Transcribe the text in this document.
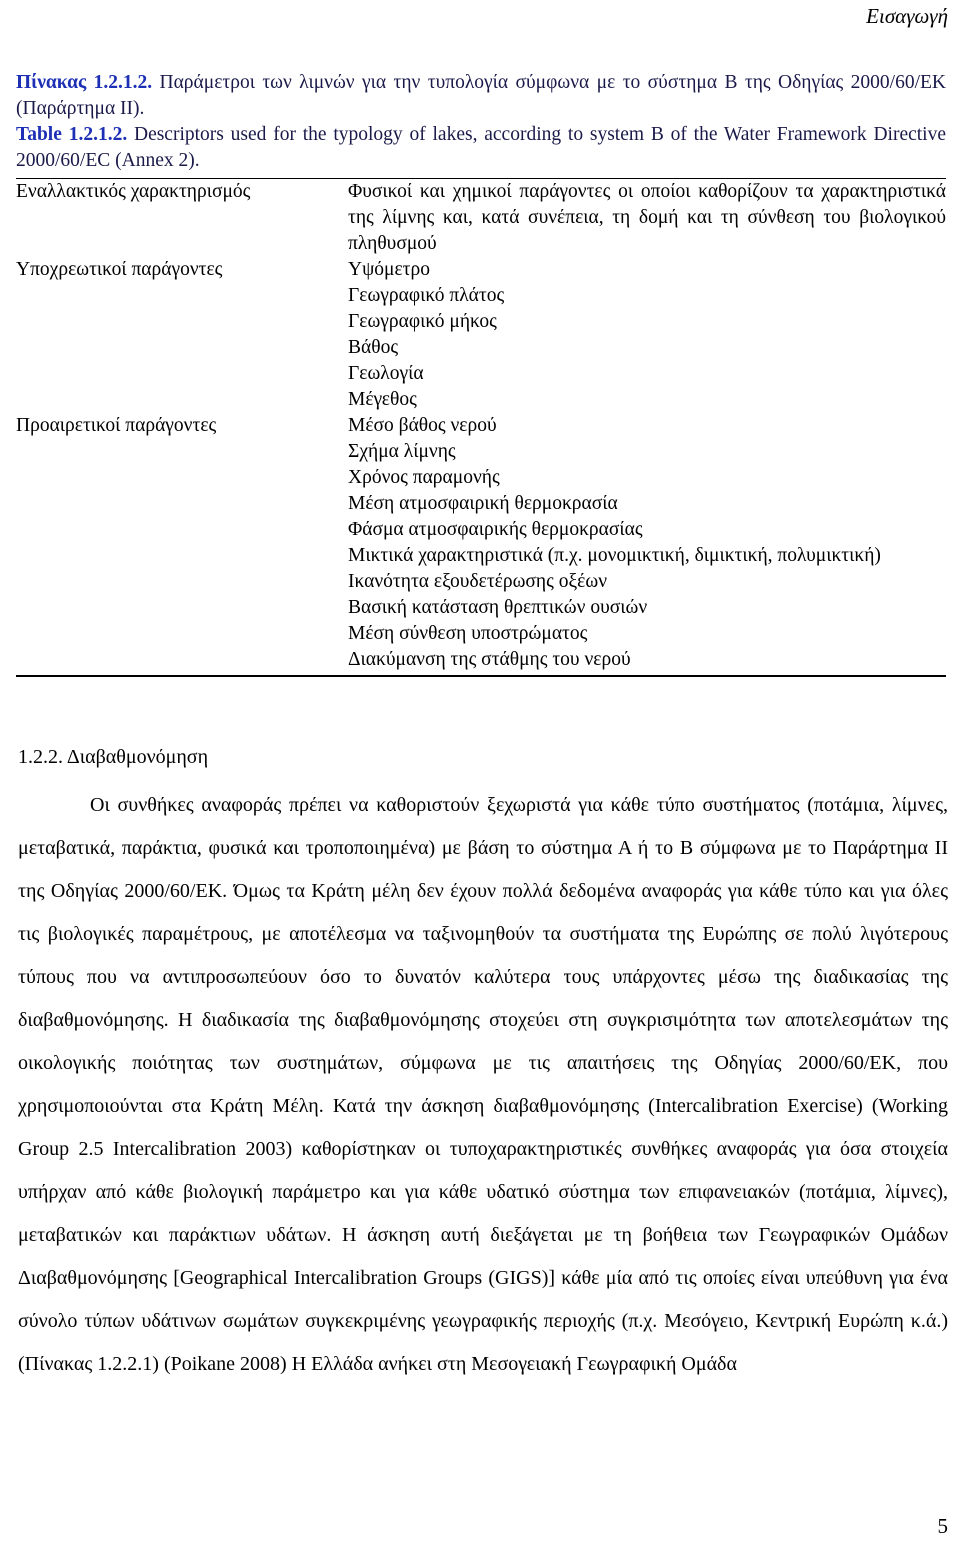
Εισαγωγή
Πίνακας 1.2.1.2. Παράμετροι των λιμνών για την τυπολογία σύμφωνα με το σύστημα B της Οδηγίας 2000/60/ΕΚ (Παράρτημα ΙΙ).
Table 1.2.1.2. Descriptors used for the typology of lakes, according to system B of the Water Framework Directive 2000/60/EC (Annex 2).
Εναλλακτικός χαρακτηρισμός	Φυσικοί και χημικοί παράγοντες οι οποίοι καθορίζουν τα χαρακτηριστικά της λίμνης και, κατά συνέπεια, τη δομή και τη σύνθεση του βιολογικού πληθυσμού
Υποχρεωτικοί παράγοντες	Υψόμετρο
Γεωγραφικό πλάτος
Γεωγραφικό μήκος
Βάθος
Γεωλογία
Μέγεθος
Προαιρετικοί παράγοντες	Μέσο βάθος νερού
Σχήμα λίμνης
Χρόνος παραμονής
Μέση ατμοσφαιρική θερμοκρασία
Φάσμα ατμοσφαιρικής θερμοκρασίας
Μικτικά χαρακτηριστικά (π.χ. μονομικτική, διμικτική, πολυμικτική)
Ικανότητα εξουδετέρωσης οξέων
Βασική κατάσταση θρεπτικών ουσιών
Μέση σύνθεση υποστρώματος
Διακύμανση της στάθμης του νερού
1.2.2. Διαβαθμονόμηση

Οι συνθήκες αναφοράς πρέπει να καθοριστούν ξεχωριστά για κάθε τύπο συστήματος (ποτάμια, λίμνες, μεταβατικά, παράκτια, φυσικά και τροποποιημένα) με βάση το σύστημα Α ή το Β σύμφωνα με το Παράρτημα ΙΙ της Οδηγίας 2000/60/ΕΚ. Όμως τα Κράτη μέλη δεν έχουν πολλά δεδομένα αναφοράς για κάθε τύπο και για όλες τις βιολογικές παραμέτρους, με αποτέλεσμα να ταξινομηθούν τα συστήματα της Ευρώπης σε πολύ λιγότερους τύπους που να αντιπροσωπεύουν όσο το δυνατόν καλύτερα τους υπάρχοντες μέσω της διαδικασίας της διαβαθμονόμησης. Η διαδικασία της διαβαθμονόμησης στοχεύει στη συγκρισιμότητα των αποτελεσμάτων της οικολογικής ποιότητας των συστημάτων, σύμφωνα με τις απαιτήσεις της Οδηγίας 2000/60/ΕΚ, που χρησιμοποιούνται στα Κράτη Μέλη. Κατά την άσκηση διαβαθμονόμησης (Intercalibration Exercise) (Working Group 2.5 Intercalibration 2003) καθορίστηκαν οι τυποχαρακτηριστικές συνθήκες αναφοράς για όσα στοιχεία υπήρχαν από κάθε βιολογική παράμετρο και για κάθε υδατικό σύστημα των επιφανειακών (ποτάμια, λίμνες), μεταβατικών και παράκτιων υδάτων. Η άσκηση αυτή διεξάγεται με τη βοήθεια των Γεωγραφικών Ομάδων Διαβαθμονόμησης [Geographical Intercalibration Groups (GIGS)] κάθε μία από τις οποίες είναι υπεύθυνη για ένα σύνολο τύπων υδάτινων σωμάτων συγκεκριμένης γεωγραφικής περιοχής (π.χ. Μεσόγειο, Κεντρική Ευρώπη κ.ά.) (Πίνακας 1.2.2.1) (Poikane 2008) Η Ελλάδα ανήκει στη Μεσογειακή Γεωγραφική Ομάδα

5
